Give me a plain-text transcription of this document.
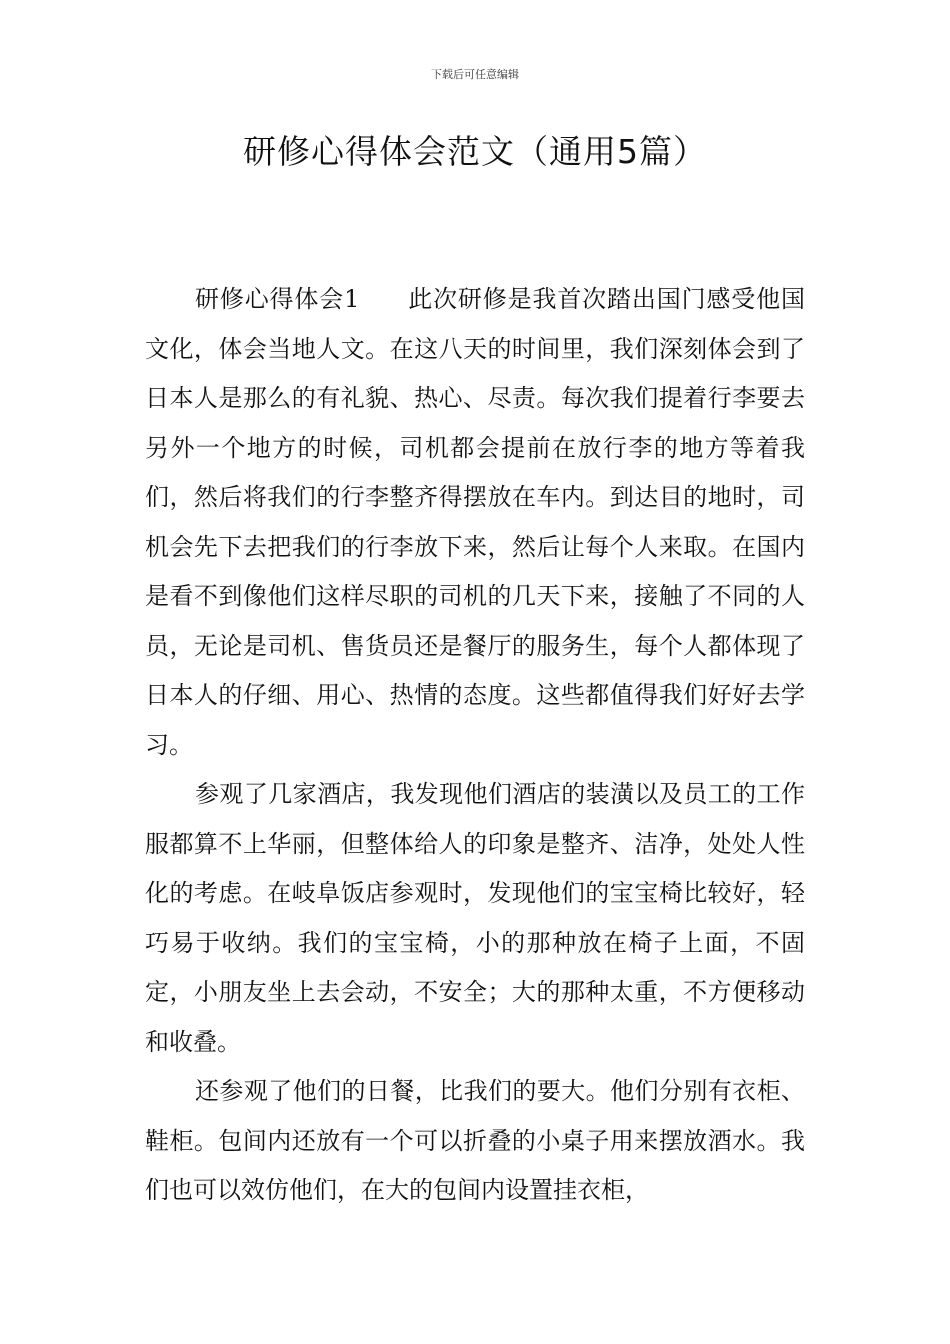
下载后可任意编辑
研修心得体会范文（通用5篇）

研修心得体会1 此次研修是我首次踏出国门感受他国文化，体会当地人文。在这八天的时间里，我们深刻体会到了日本人是那么的有礼貌、热心、尽责。每次我们提着行李要去另外一个地方的时候，司机都会提前在放行李的地方等着我们，然后将我们的行李整齐得摆放在车内。到达目的地时，司机会先下去把我们的行李放下来，然后让每个人来取。在国内是看不到像他们这样尽职的司机的几天下来，接触了不同的人员，无论是司机、售货员还是餐厅的服务生，每个人都体现了日本人的仔细、用心、热情的态度。这些都值得我们好好去学习。

参观了几家酒店，我发现他们酒店的装潢以及员工的工作服都算不上华丽，但整体给人的印象是整齐、洁净，处处人性化的考虑。在岐阜饭店参观时，发现他们的宝宝椅比较好，轻巧易于收纳。我们的宝宝椅，小的那种放在椅子上面，不固定，小朋友坐上去会动，不安全；大的那种太重，不方便移动和收叠。

还参观了他们的日餐，比我们的要大。他们分别有衣柜、鞋柜。包间内还放有一个可以折叠的小桌子用来摆放酒水。我们也可以效仿他们，在大的包间内设置挂衣柜，
